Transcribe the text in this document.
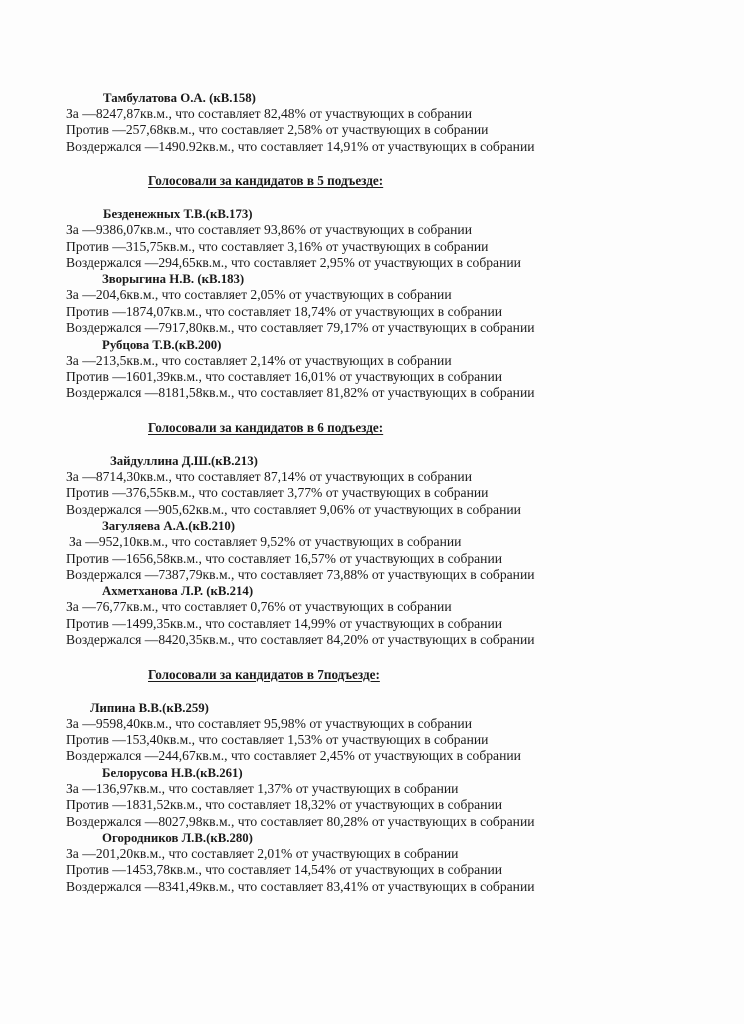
Тамбулатова О.А. (кВ.158)
За —8247,87кв.м., что составляет 82,48% от участвующих в собрании
Против —257,68кв.м., что составляет 2,58% от участвующих в собрании
Воздержался —1490.92кв.м., что составляет 14,91% от участвующих в собрании
Голосовали за кандидатов в 5 подъезде:
Безденежных Т.В.(кВ.173)
За —9386,07кв.м., что составляет 93,86% от участвующих в собрании
Против —315,75кв.м., что составляет 3,16% от участвующих в собрании
Воздержался —294,65кв.м., что составляет 2,95% от участвующих в собрании
Зворыгина Н.В. (кВ.183)
За —204,6кв.м., что составляет 2,05% от участвующих в собрании
Против —1874,07кв.м., что составляет 18,74% от участвующих в собрании
Воздержался —7917,80кв.м., что составляет 79,17% от участвующих в собрании
Рубцова Т.В.(кВ.200)
За —213,5кв.м., что составляет 2,14% от участвующих в собрании
Против —1601,39кв.м., что составляет 16,01% от участвующих в собрании
Воздержался —8181,58кв.м., что составляет 81,82% от участвующих в собрании
Голосовали за кандидатов в 6 подъезде:
Зайдуллина Д.Ш.(кВ.213)
За —8714,30кв.м., что составляет 87,14% от участвующих в собрании
Против —376,55кв.м., что составляет 3,77% от участвующих в собрании
Воздержался —905,62кв.м., что составляет 9,06% от участвующих в собрании
Загуляева А.А.(кВ.210)
За —952,10кв.м., что составляет 9,52% от участвующих в собрании
Против —1656,58кв.м., что составляет 16,57% от участвующих в собрании
Воздержался —7387,79кв.м., что составляет 73,88% от участвующих в собрании
Ахметханова Л.Р. (кВ.214)
За —76,77кв.м., что составляет 0,76% от участвующих в собрании
Против —1499,35кв.м., что составляет 14,99% от участвующих в собрании
Воздержался —8420,35кв.м., что составляет 84,20% от участвующих в собрании
Голосовали за кандидатов в 7подъезде:
Липина В.В.(кВ.259)
За —9598,40кв.м., что составляет 95,98% от участвующих в собрании
Против —153,40кв.м., что составляет 1,53% от участвующих в собрании
Воздержался —244,67кв.м., что составляет 2,45% от участвующих в собрании
Белорусова Н.В.(кВ.261)
За —136,97кв.м., что составляет 1,37% от участвующих в собрании
Против —1831,52кв.м., что составляет 18,32% от участвующих в собрании
Воздержался —8027,98кв.м., что составляет 80,28% от участвующих в собрании
Огородников Л.В.(кВ.280)
За —201,20кв.м., что составляет 2,01% от участвующих в собрании
Против —1453,78кв.м., что составляет 14,54% от участвующих в собрании
Воздержался —8341,49кв.м., что составляет 83,41% от участвующих в собрании
